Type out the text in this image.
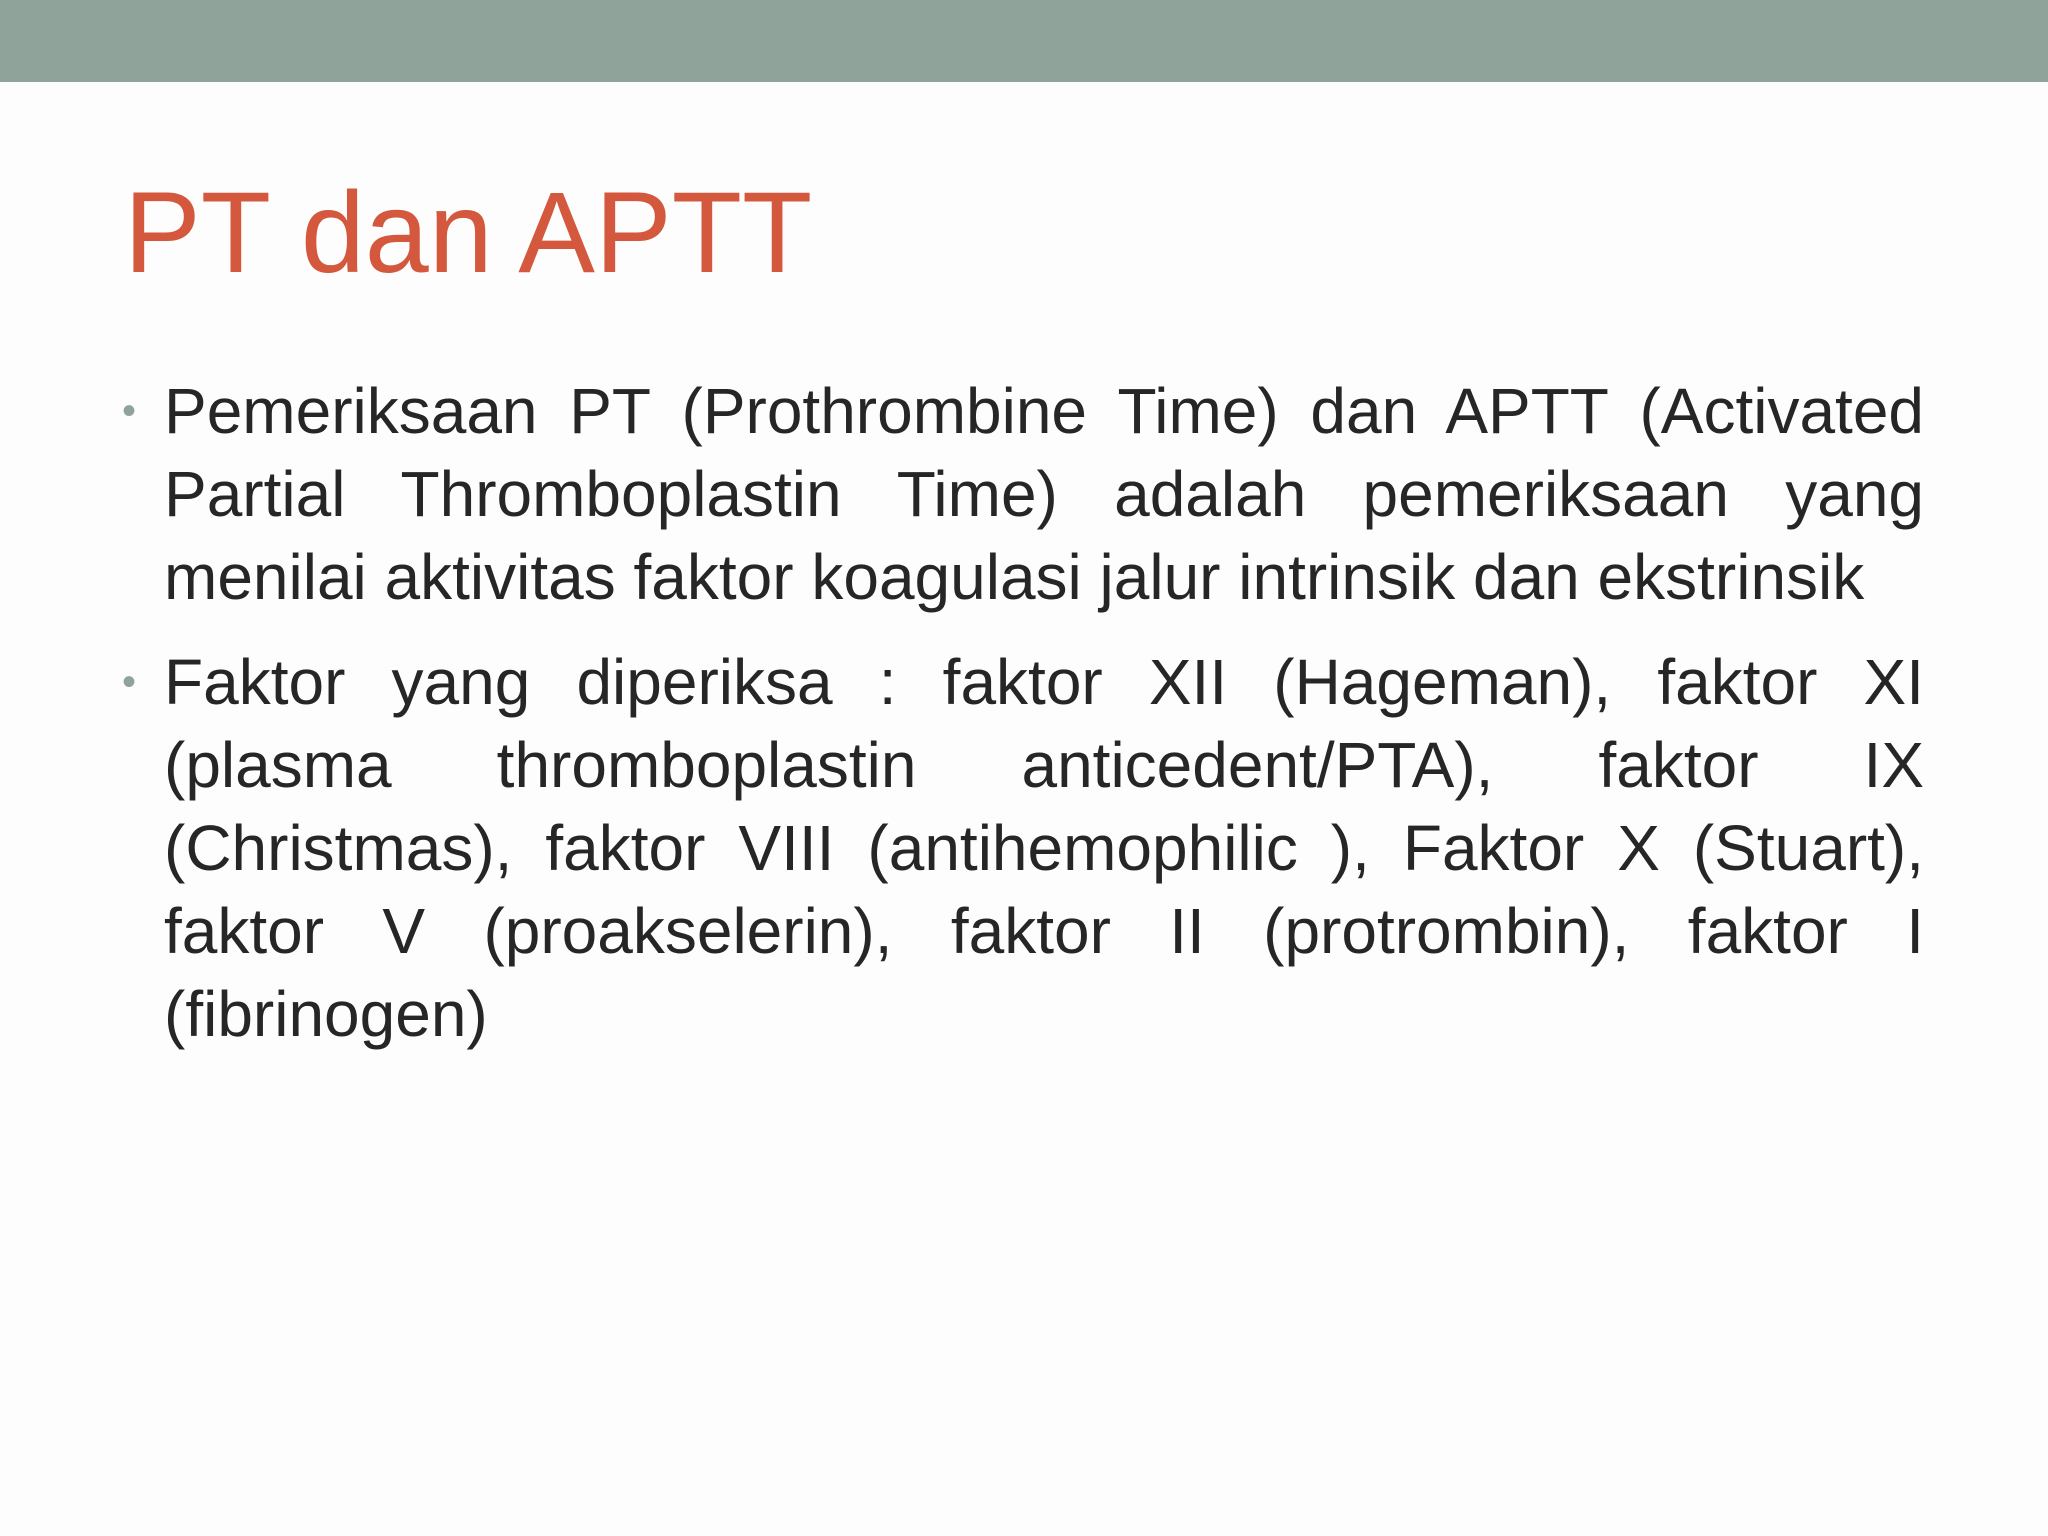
PT dan APTT
• Pemeriksaan PT (Prothrombine Time) dan APTT (Activated Partial Thromboplastin Time) adalah pemeriksaan yang menilai aktivitas faktor koagulasi jalur intrinsik dan ekstrinsik
• Faktor yang diperiksa : faktor XII (Hageman), faktor XI (plasma thromboplastin anticedent/PTA), faktor IX (Christmas), faktor VIII (antihemophilic ), Faktor X (Stuart), faktor V (proakselerin), faktor II (protrombin), faktor I (fibrinogen)
